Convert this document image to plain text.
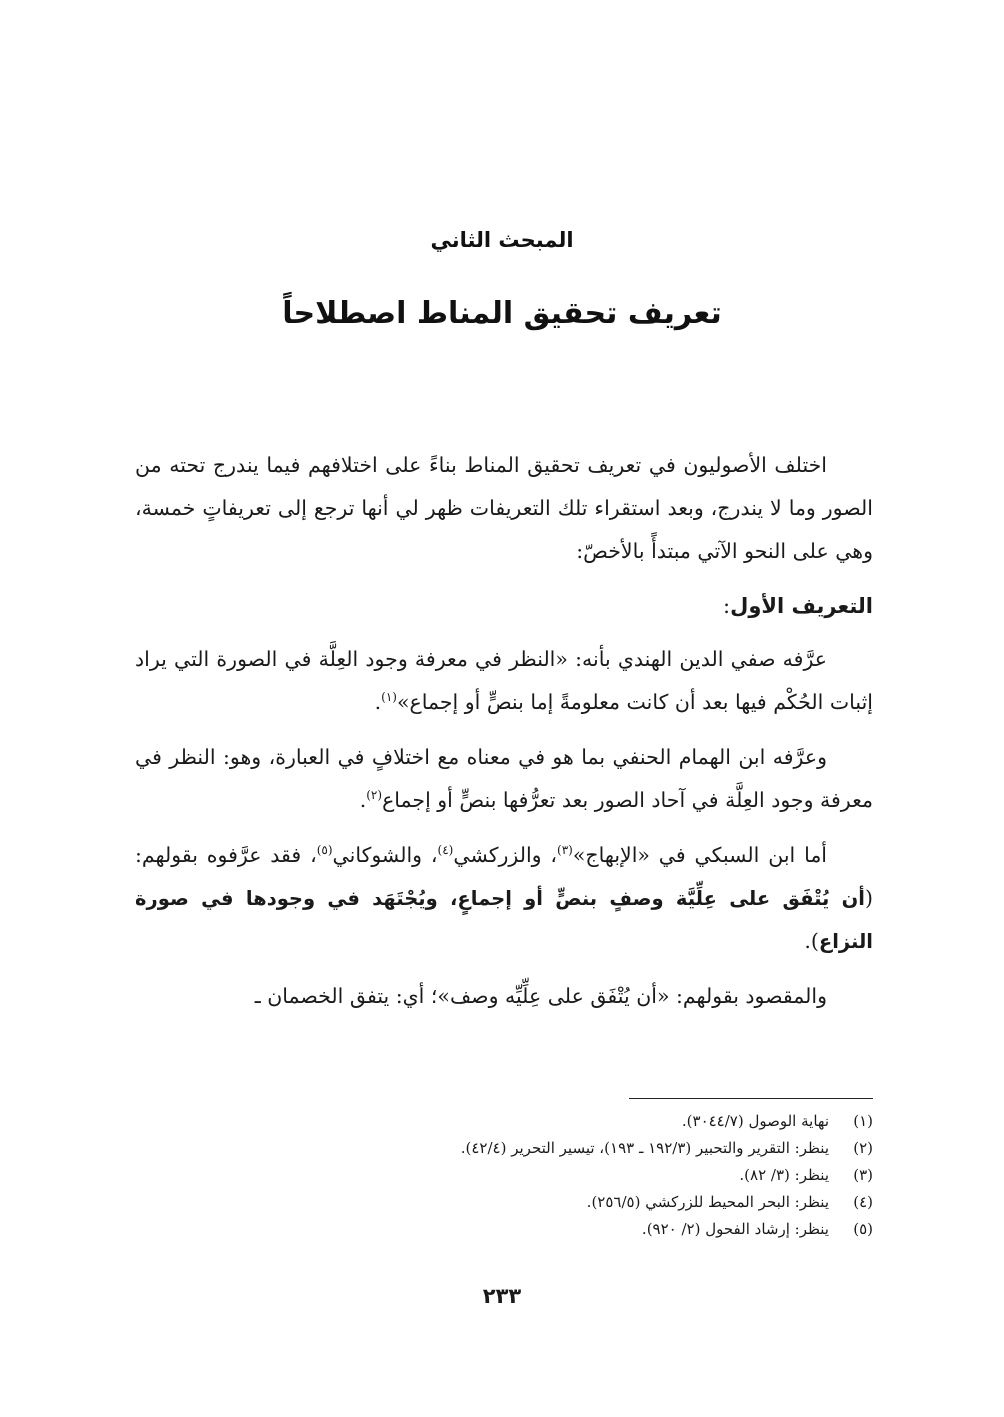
المبحث الثاني
تعريف تحقيق المناط اصطلاحاً

اختلف الأصوليون في تعريف تحقيق المناط بناءً على اختلافهم فيما يندرج تحته من الصور وما لا يندرج، وبعد استقراء تلك التعريفات ظهر لي أنها ترجع إلى تعريفاتٍ خمسة، وهي على النحو الآتي مبتدأً بالأخصّ:

التعريف الأول:

عرَّفه صفي الدين الهندي بأنه: «النظر في معرفة وجود العِلَّة في الصورة التي يراد إثبات الحُكْم فيها بعد أن كانت معلومةً إما بنصٍّ أو إجماع»$^{(١)}$.

وعرَّفه ابن الهمام الحنفي بما هو في معناه مع اختلافٍ في العبارة، وهو: النظر في معرفة وجود العِلَّة في آحاد الصور بعد تعرُّفها بنصٍّ أو إجماع$^{(٢)}$.

أما ابن السبكي في «الإبهاج»$^{(٣)}$، والزركشي$^{(٤)}$، والشوكاني$^{(٥)}$، فقد عرَّفوه بقولهم: (أن يُتْفَق على عِلِّيَّة وصفٍ بنصٍّ أو إجماعٍ، ويُجْتَهَد في وجودها في صورة النزاع).

والمقصود بقولهم: «أن يُتْفَق على عِلِّيِّه وصف»؛ أي: يتفق الخصمان ـ

(١)
نهاية الوصول (٣٠٤٤/٧).
(٢)
ينظر: التقرير والتحبير (١٩٢/٣ ـ ١٩٣)، تيسير التحرير (٤٢/٤).
(٣)
ينظر: (٣/ ٨٢).
(٤)
ينظر: البحر المحيط للزركشي (٢٥٦/٥).
(٥)
ينظر: إرشاد الفحول (٢/ ٩٢٠).
٢٣٣
